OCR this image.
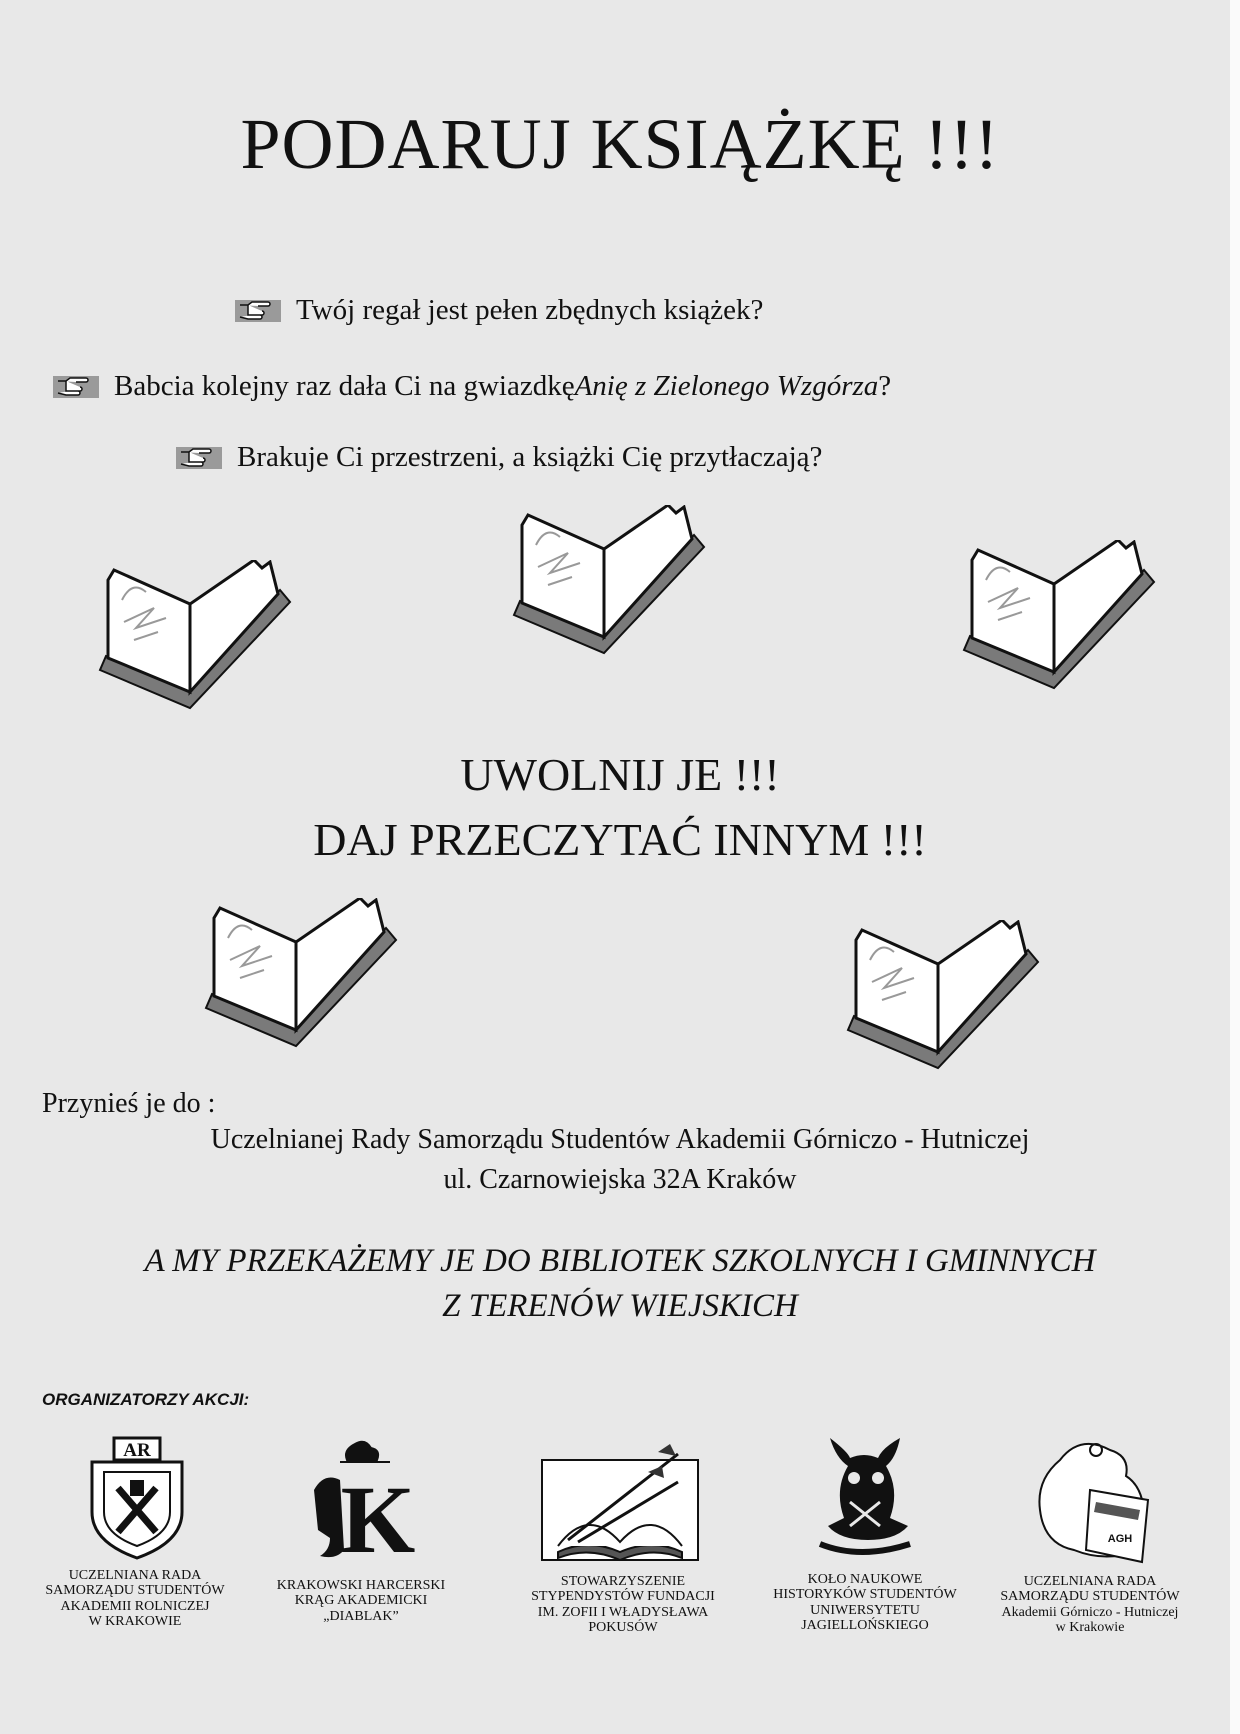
PODARUJ KSIĄŻKĘ !!!
Twój regał jest pełen zbędnych książek?
Babcia kolejny raz dała Ci na gwiazdkę Anię z Zielonego Wzgórza ?
Brakuje Ci przestrzeni, a książki Cię przytłaczają?
UWOLNIJ JE !!!
DAJ PRZECZYTAĆ INNYM !!!
Przynieś je do :
Uczelnianej Rady Samorządu Studentów Akademii Górniczo - Hutniczej
ul. Czarnowiejska 32A Kraków
A MY PRZEKAŻEMY JE DO BIBLIOTEK SZKOLNYCH I GMINNYCH
Z TERENÓW WIEJSKICH
ORGANIZATORZY AKCJI:
AR
UCZELNIANA RADA
SAMORZĄDU STUDENTÓW
AKADEMII ROLNICZEJ
W KRAKOWIE
K
KRAKOWSKI HARCERSKI
KRĄG AKADEMICKI
„DIABLAK”
STOWARZYSZENIE
STYPENDYSTÓW FUNDACJI
IM. ZOFII I WŁADYSŁAWA
POKUSÓW
KOŁO NAUKOWE
HISTORYKÓW STUDENTÓW
UNIWERSYTETU
JAGIELLOŃSKIEGO
AGH
UCZELNIANA RADA
SAMORZĄDU STUDENTÓW
Akademii Górniczo - Hutniczej
w Krakowie
